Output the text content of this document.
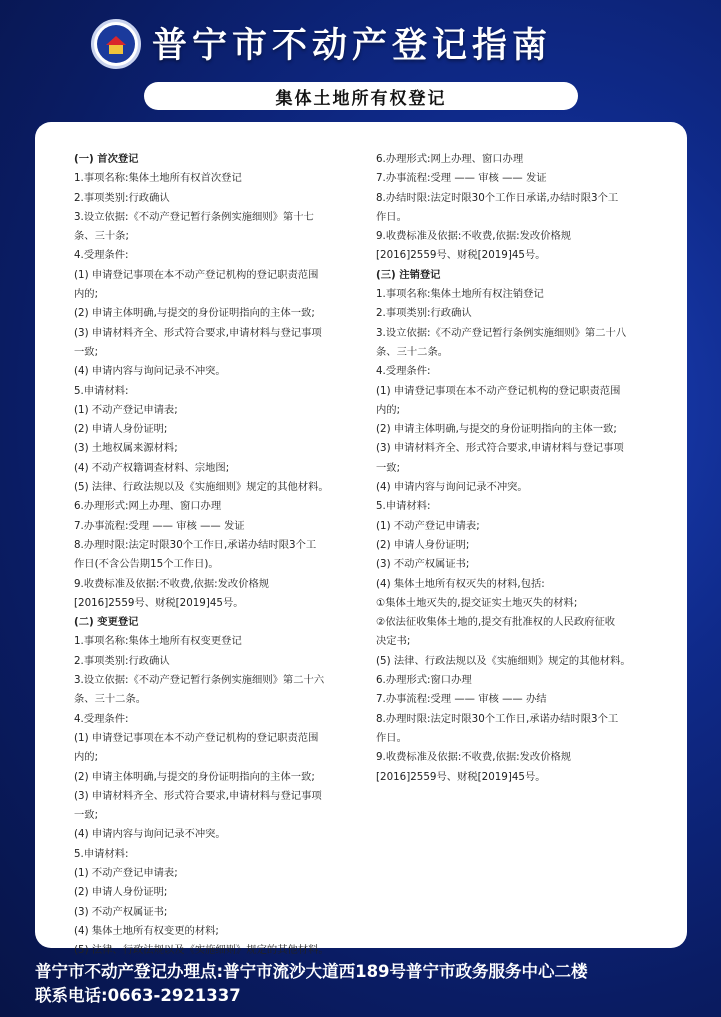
普宁市不动产登记指南
集体土地所有权登记
(一) 首次登记
1.事项名称:集体土地所有权首次登记
2.事项类别:行政确认
3.设立依据:《不动产登记暂行条例实施细则》第十七
条、三十条;
4.受理条件:
(1) 申请登记事项在本不动产登记机构的登记职责范围
内的;
(2) 申请主体明确,与提交的身份证明指向的主体一致;
(3) 申请材料齐全、形式符合要求,申请材料与登记事项
一致;
(4) 申请内容与询问记录不冲突。
5.申请材料:
(1) 不动产登记申请表;
(2) 申请人身份证明;
(3) 土地权属来源材料;
(4) 不动产权籍调查材料、宗地图;
(5) 法律、行政法规以及《实施细则》规定的其他材料。
6.办理形式:网上办理、窗口办理
7.办事流程:受理 —— 审核 —— 发证
8.办理时限:法定时限30个工作日,承诺办结时限3个工
作日(不含公告期15个工作日)。
9.收费标准及依据:不收费,依据:发改价格规
[2016]2559号、财税[2019]45号。
(二) 变更登记
1.事项名称:集体土地所有权变更登记
2.事项类别:行政确认
3.设立依据:《不动产登记暂行条例实施细则》第二十六
条、三十二条。
4.受理条件:
(1) 申请登记事项在本不动产登记机构的登记职责范围
内的;
(2) 申请主体明确,与提交的身份证明指向的主体一致;
(3) 申请材料齐全、形式符合要求,申请材料与登记事项
一致;
(4) 申请内容与询问记录不冲突。
5.申请材料:
(1) 不动产登记申请表;
(2) 申请人身份证明;
(3) 不动产权属证书;
(4) 集体土地所有权变更的材料;
(5) 法律、行政法规以及《实施细则》规定的其他材料。
6.办理形式:网上办理、窗口办理
7.办事流程:受理 —— 审核 —— 发证
8.办结时限:法定时限30个工作日承诺,办结时限3个工
作日。
9.收费标准及依据:不收费,依据:发改价格规
[2016]2559号、财税[2019]45号。
(三) 注销登记
1.事项名称:集体土地所有权注销登记
2.事项类别:行政确认
3.设立依据:《不动产登记暂行条例实施细则》第二十八
条、三十二条。
4.受理条件:
(1) 申请登记事项在本不动产登记机构的登记职责范围
内的;
(2) 申请主体明确,与提交的身份证明指向的主体一致;
(3) 申请材料齐全、形式符合要求,申请材料与登记事项
一致;
(4) 申请内容与询问记录不冲突。
5.申请材料:
(1) 不动产登记申请表;
(2) 申请人身份证明;
(3) 不动产权属证书;
(4) 集体土地所有权灭失的材料,包括:
①集体土地灭失的,提交证实土地灭失的材料;
②依法征收集体土地的,提交有批准权的人民政府征收
决定书;
(5) 法律、行政法规以及《实施细则》规定的其他材料。
6.办理形式:窗口办理
7.办事流程:受理 —— 审核 —— 办结
8.办理时限:法定时限30个工作日,承诺办结时限3个工
作日。
9.收费标准及依据:不收费,依据:发改价格规
[2016]2559号、财税[2019]45号。
普宁市不动产登记办理点:普宁市流沙大道西189号普宁市政务服务中心二楼
联系电话:0663-2921337
